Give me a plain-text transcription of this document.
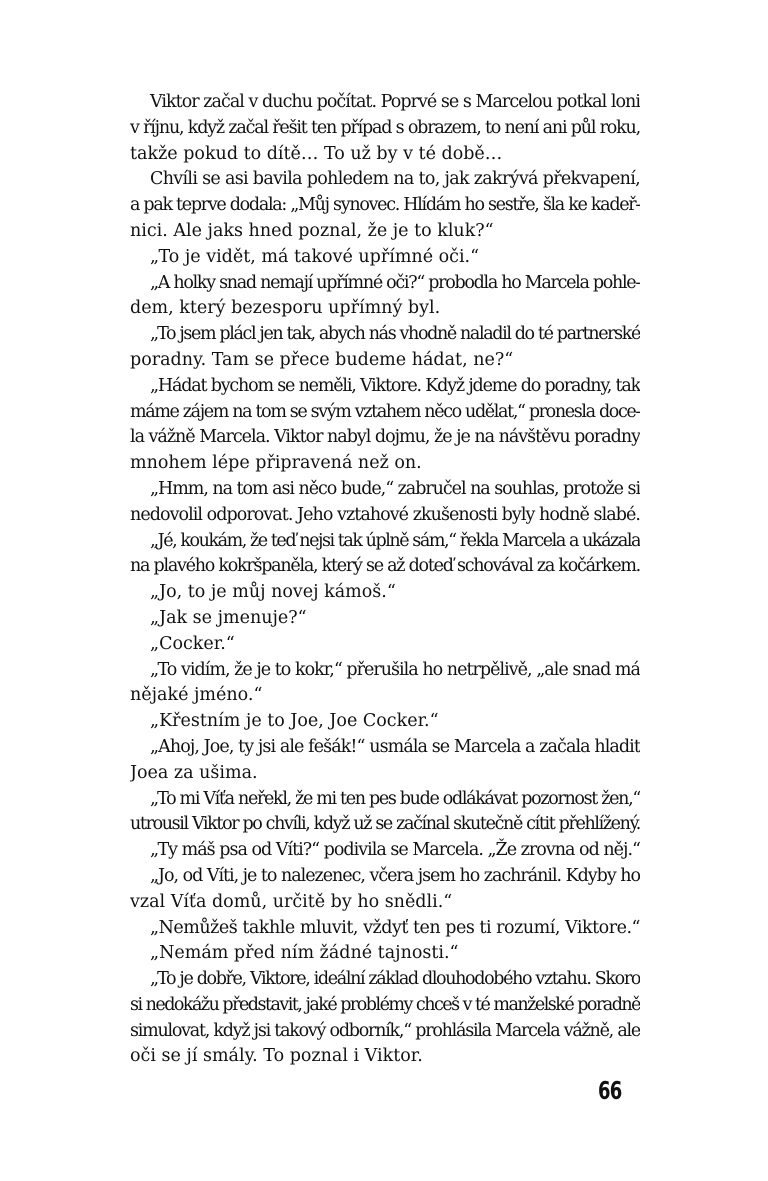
Viktor začal v duchu počítat. Poprvé se s Marcelou potkal loni
v říjnu, když začal řešit ten případ s obrazem, to není ani půl roku,
takže pokud to dítě… To už by v té době…
Chvíli se asi bavila pohledem na to, jak zakrývá překvapení,
a pak teprve dodala: „Můj synovec. Hlídám ho sestře, šla ke kadeř-
nici. Ale jaks hned poznal, že je to kluk?“
„To je vidět, má takové upřímné oči.“
„A holky snad nemají upřímné oči?“ probodla ho Marcela pohle-
dem, který bezesporu upřímný byl.
„To jsem plácl jen tak, abych nás vhodně naladil do té partnerské
poradny. Tam se přece budeme hádat, ne?“
„Hádat bychom se neměli, Viktore. Když jdeme do poradny, tak
máme zájem na tom se svým vztahem něco udělat,“ pronesla doce-
la vážně Marcela. Viktor nabyl dojmu, že je na návštěvu poradny
mnohem lépe připravená než on.
„Hmm, na tom asi něco bude,“ zabručel na souhlas, protože si
nedovolil odporovat. Jeho vztahové zkušenosti byly hodně slabé.
„Jé, koukám, že teď nejsi tak úplně sám,“ řekla Marcela a ukázala
na plavého kokršpaněla, který se až doteď schovával za kočárkem.
„Jo, to je můj novej kámoš.“
„Jak se jmenuje?“
„Cocker.“
„To vidím, že je to kokr,“ přerušila ho netrpělivě, „ale snad má
nějaké jméno.“
„Křestním je to Joe, Joe Cocker.“
„Ahoj, Joe, ty jsi ale fešák!“ usmála se Marcela a začala hladit
Joea za ušima.
„To mi Víťa neřekl, že mi ten pes bude odlákávat pozornost žen,“
utrousil Viktor po chvíli, když už se začínal skutečně cítit přehlížený.
„Ty máš psa od Víti?“ podivila se Marcela. „Že zrovna od něj.“
„Jo, od Víti, je to nalezenec, včera jsem ho zachránil. Kdyby ho
vzal Víťa domů, určitě by ho snědli.“
„Nemůžeš takhle mluvit, vždyť ten pes ti rozumí, Viktore.“
„Nemám před ním žádné tajnosti.“
„To je dobře, Viktore, ideální základ dlouhodobého vztahu. Skoro
si nedokážu představit, jaké problémy chceš v té manželské poradně
simulovat, když jsi takový odborník,“ prohlásila Marcela vážně, ale
oči se jí smály. To poznal i Viktor.
66
